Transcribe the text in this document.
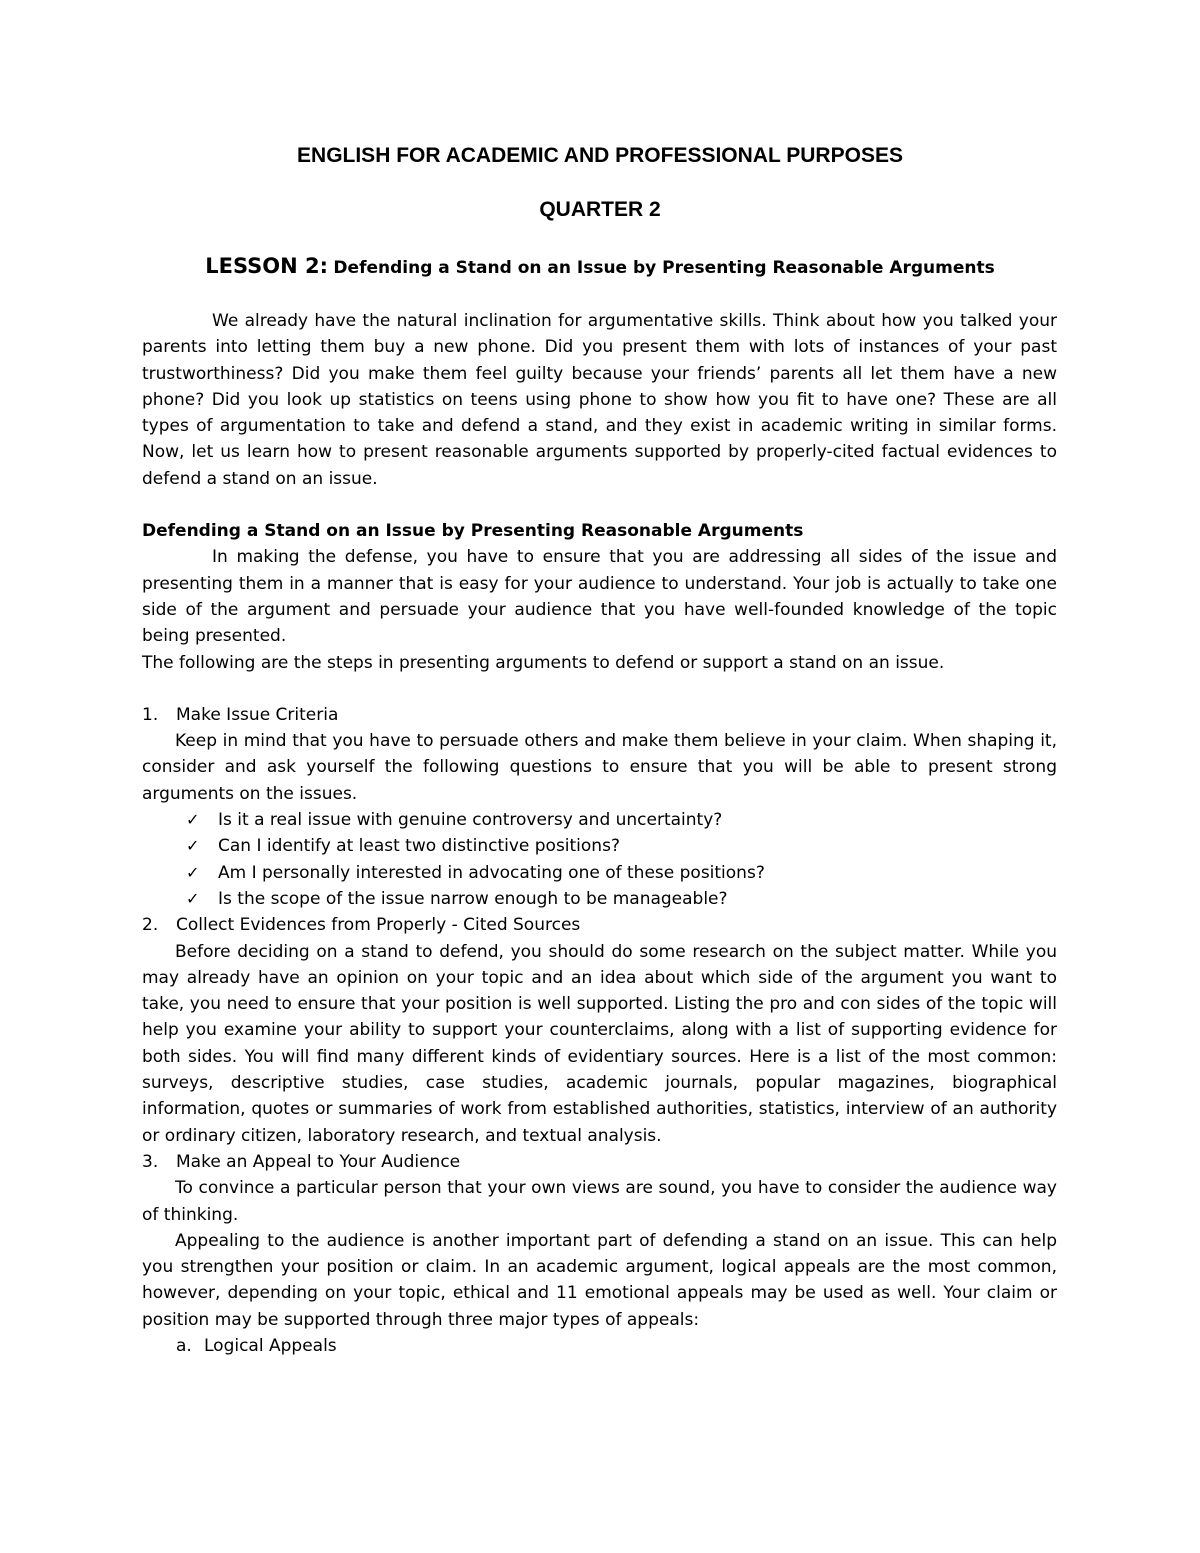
ENGLISH FOR ACADEMIC AND PROFESSIONAL PURPOSES
QUARTER 2
LESSON 2: Defending a Stand on an Issue by Presenting Reasonable Arguments

We already have the natural inclination for argumentative skills. Think about how you talked your parents into letting them buy a new phone. Did you present them with lots of instances of your past trustworthiness? Did you make them feel guilty because your friends’ parents all let them have a new phone? Did you look up statistics on teens using phone to show how you fit to have one? These are all types of argumentation to take and defend a stand, and they exist in academic writing in similar forms. Now, let us learn how to present reasonable arguments supported by properly-cited factual evidences to defend a stand on an issue.

Defending a Stand on an Issue by Presenting Reasonable Arguments

In making the defense, you have to ensure that you are addressing all sides of the issue and presenting them in a manner that is easy for your audience to understand. Your job is actually to take one side of the argument and persuade your audience that you have well-founded knowledge of the topic being presented.

The following are the steps in presenting arguments to defend or support a stand on an issue.

1. Make Issue Criteria

Keep in mind that you have to persuade others and make them believe in your claim. When shaping it, consider and ask yourself the following questions to ensure that you will be able to present strong arguments on the issues.

✓ Is it a real issue with genuine controversy and uncertainty?
✓ Can I identify at least two distinctive positions?
✓ Am I personally interested in advocating one of these positions?
✓ Is the scope of the issue narrow enough to be manageable?
2. Collect Evidences from Properly - Cited Sources

Before deciding on a stand to defend, you should do some research on the subject matter. While you may already have an opinion on your topic and an idea about which side of the argument you want to take, you need to ensure that your position is well supported. Listing the pro and con sides of the topic will help you examine your ability to support your counterclaims, along with a list of supporting evidence for both sides. You will find many different kinds of evidentiary sources. Here is a list of the most common: surveys, descriptive studies, case studies, academic journals, popular magazines, biographical information, quotes or summaries of work from established authorities, statistics, interview of an authority or ordinary citizen, laboratory research, and textual analysis.

3. Make an Appeal to Your Audience

To convince a particular person that your own views are sound, you have to consider the audience way of thinking.

Appealing to the audience is another important part of defending a stand on an issue. This can help you strengthen your position or claim. In an academic argument, logical appeals are the most common, however, depending on your topic, ethical and 11 emotional appeals may be used as well. Your claim or position may be supported through three major types of appeals:

a. Logical Appeals
